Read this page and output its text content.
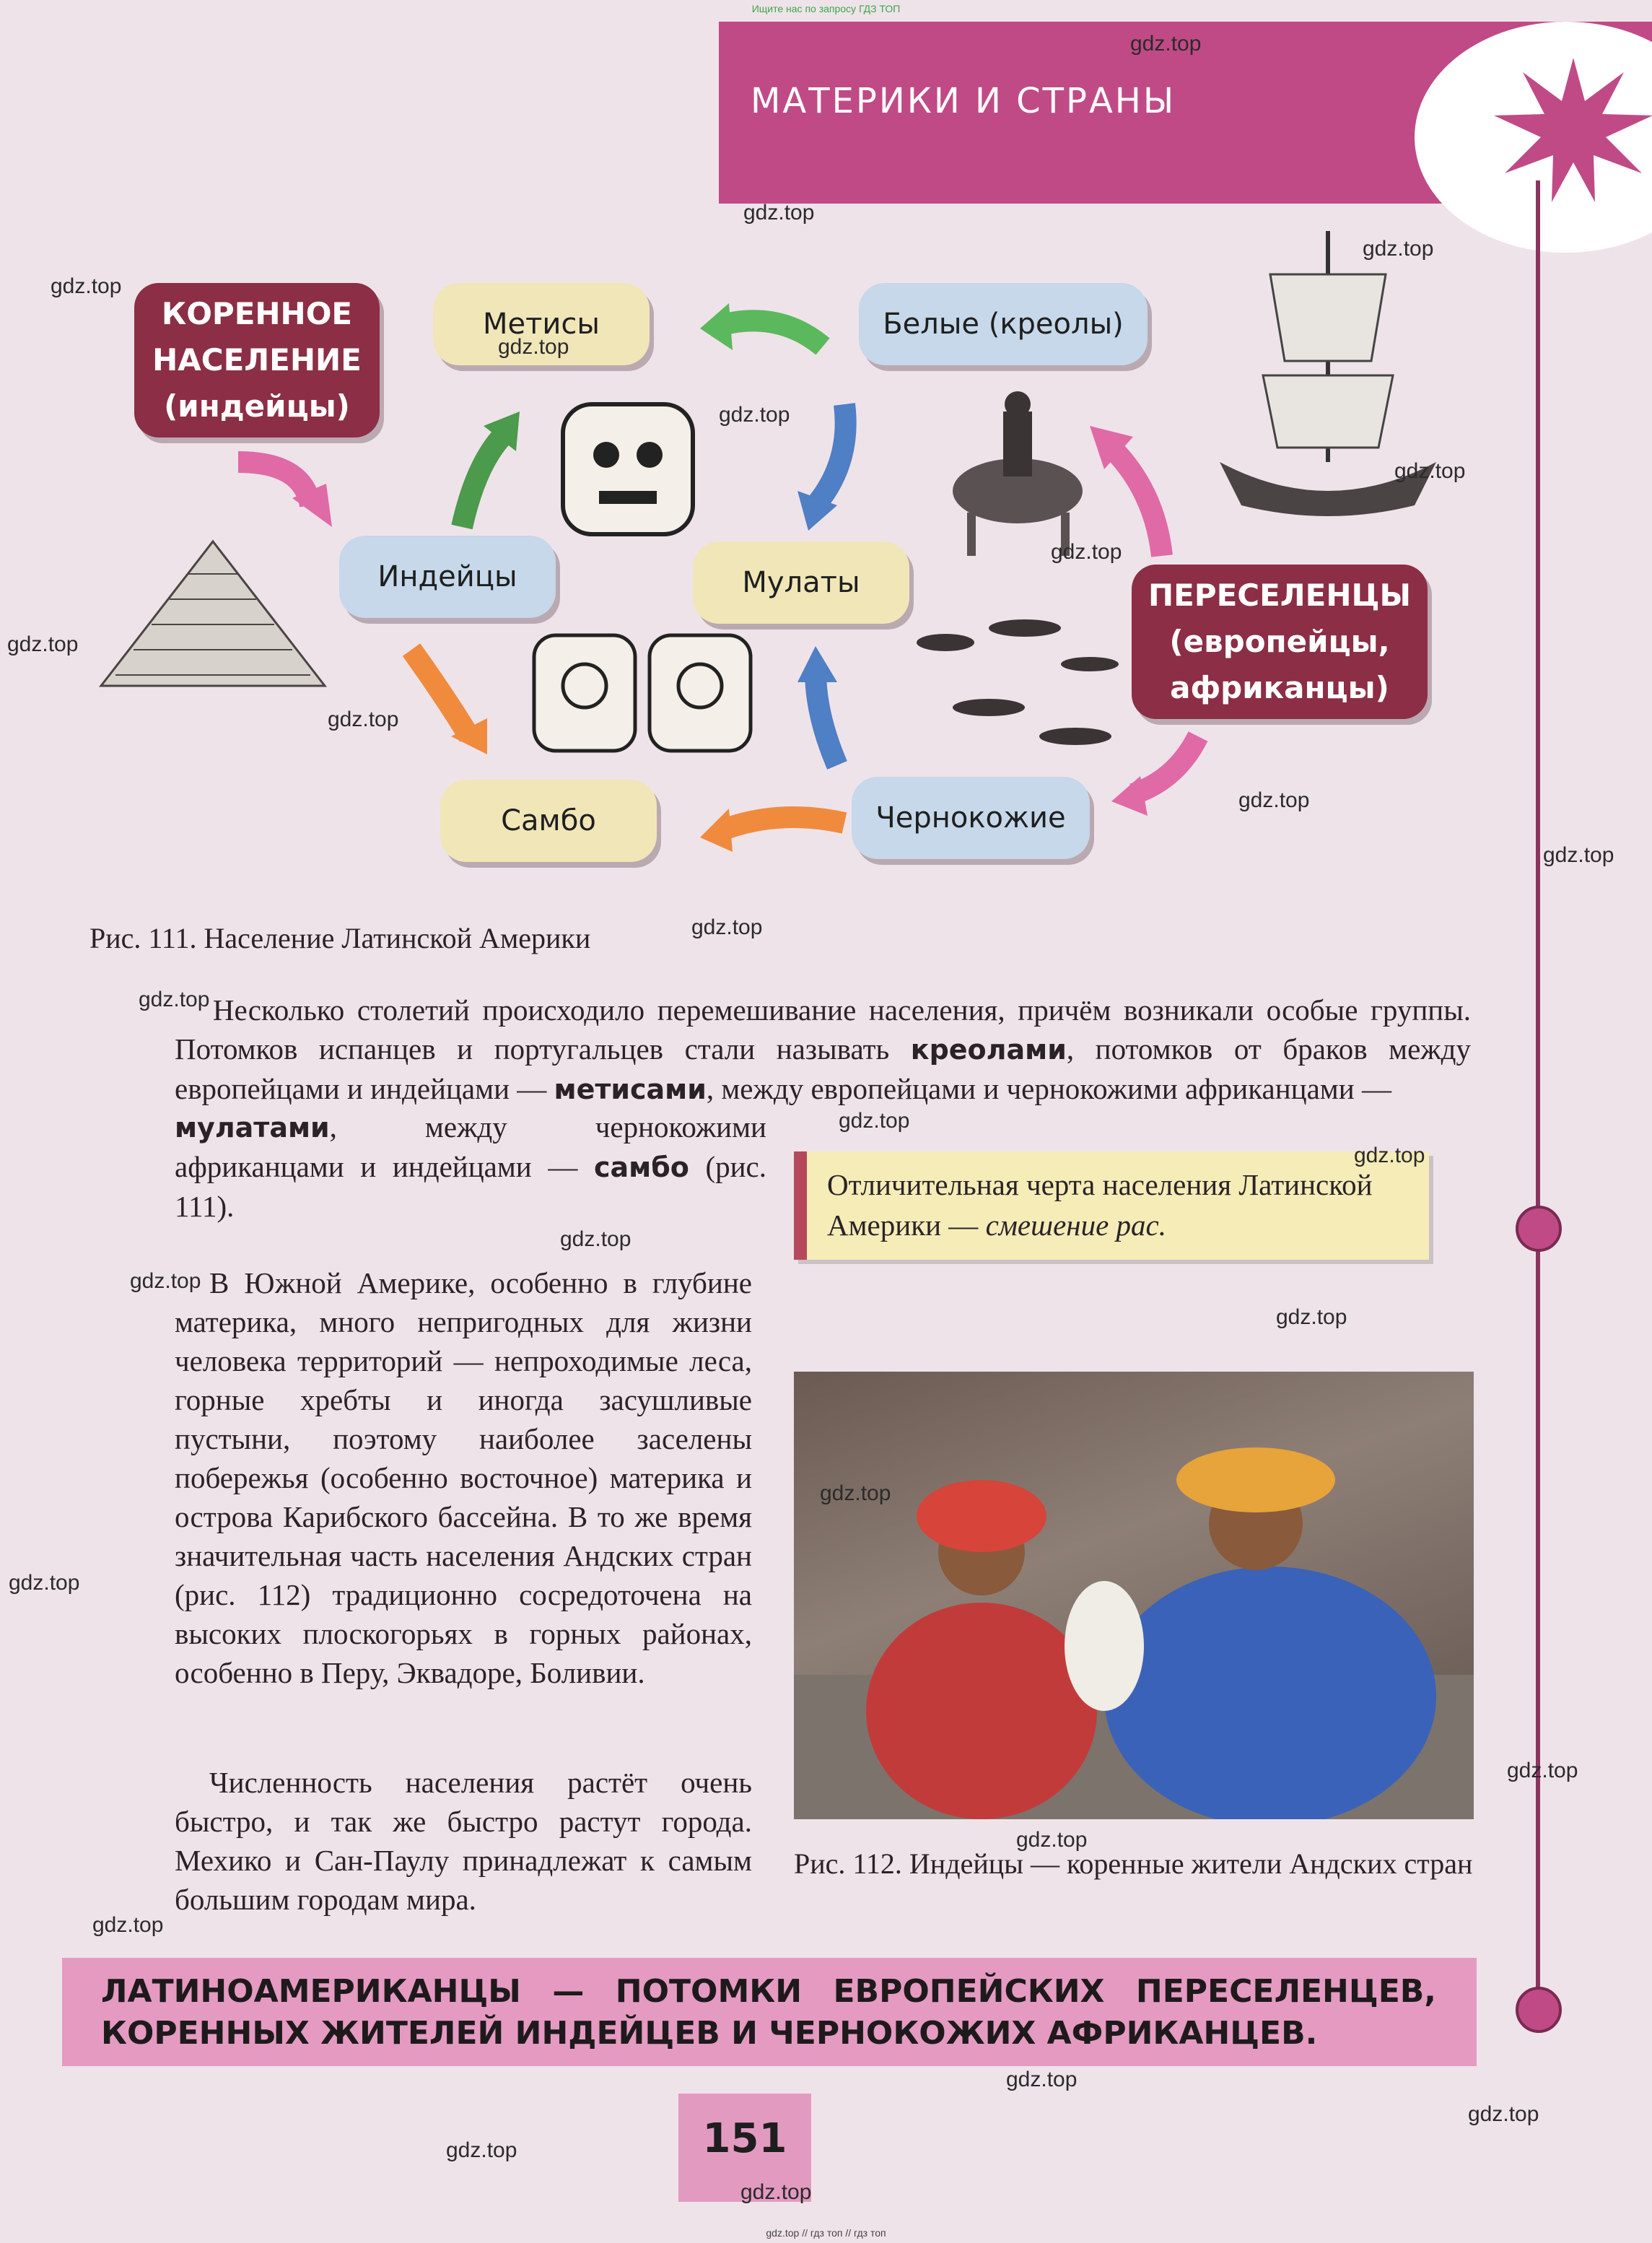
Ищите нас по запросу ГДЗ ТОП
МАТЕРИКИ И СТРАНЫ
КОРЕННОЕ
НАСЕЛЕНИЕ
(индейцы)
ПЕРЕСЕЛЕНЦЫ
(европейцы,
африканцы)
Метисы	Белые (креолы)
Индейцы	Мулаты
Самбо	Чернокожие
Рис. 111. Население Латинской Америки
Несколько столетий происходило перемешивание населения, причём возникали особые группы. Потомков испанцев и португальцев стали называть креолами, потомков от браков между европейцами и индейцами — метисами, между европейцами и чернокожими африканцами —
мулатами, между чернокожими африканцами и индейцами — самбо (рис. 111).
В Южной Америке, особенно в глубине материка, много непригодных для жизни человека территорий — непроходимые леса, горные хребты и иногда засушливые пустыни, поэтому наиболее заселены побережья (особенно восточное) материка и острова Карибского бассейна. В то же время значительная часть населения Андских стран (рис. 112) традиционно сосредоточена на высоких плоскогорьях в горных районах, особенно в Перу, Эквадоре, Боливии.
Численность населения растёт очень быстро, и так же быстро растут города. Мехико и Сан-Паулу принадлежат к самым большим городам мира.
Отличительная черта населения Латинской Америки — смешение рас.
Рис. 112. Индейцы — коренные жители Андских стран
ЛАТИНОАМЕРИКАНЦЫ — ПОТОМКИ ЕВРОПЕЙСКИХ ПЕРЕСЕЛЕНЦЕВ, КОРЕННЫХ ЖИТЕЛЕЙ ИНДЕЙЦЕВ И ЧЕРНОКОЖИХ АФРИКАНЦЕВ.
151
gdz.top
gdz.top
gdz.top
gdz.top
gdz.top
gdz.top
gdz.top
gdz.top
gdz.top
gdz.top
gdz.top
gdz.top
gdz.top
gdz.top
gdz.top
gdz.top
gdz.top
gdz.top
gdz.top
gdz.top
gdz.top
gdz.top
gdz.top
gdz.top
gdz.top
gdz.top
gdz.top
gdz.top
gdz.top // гдз топ // гдз топ
